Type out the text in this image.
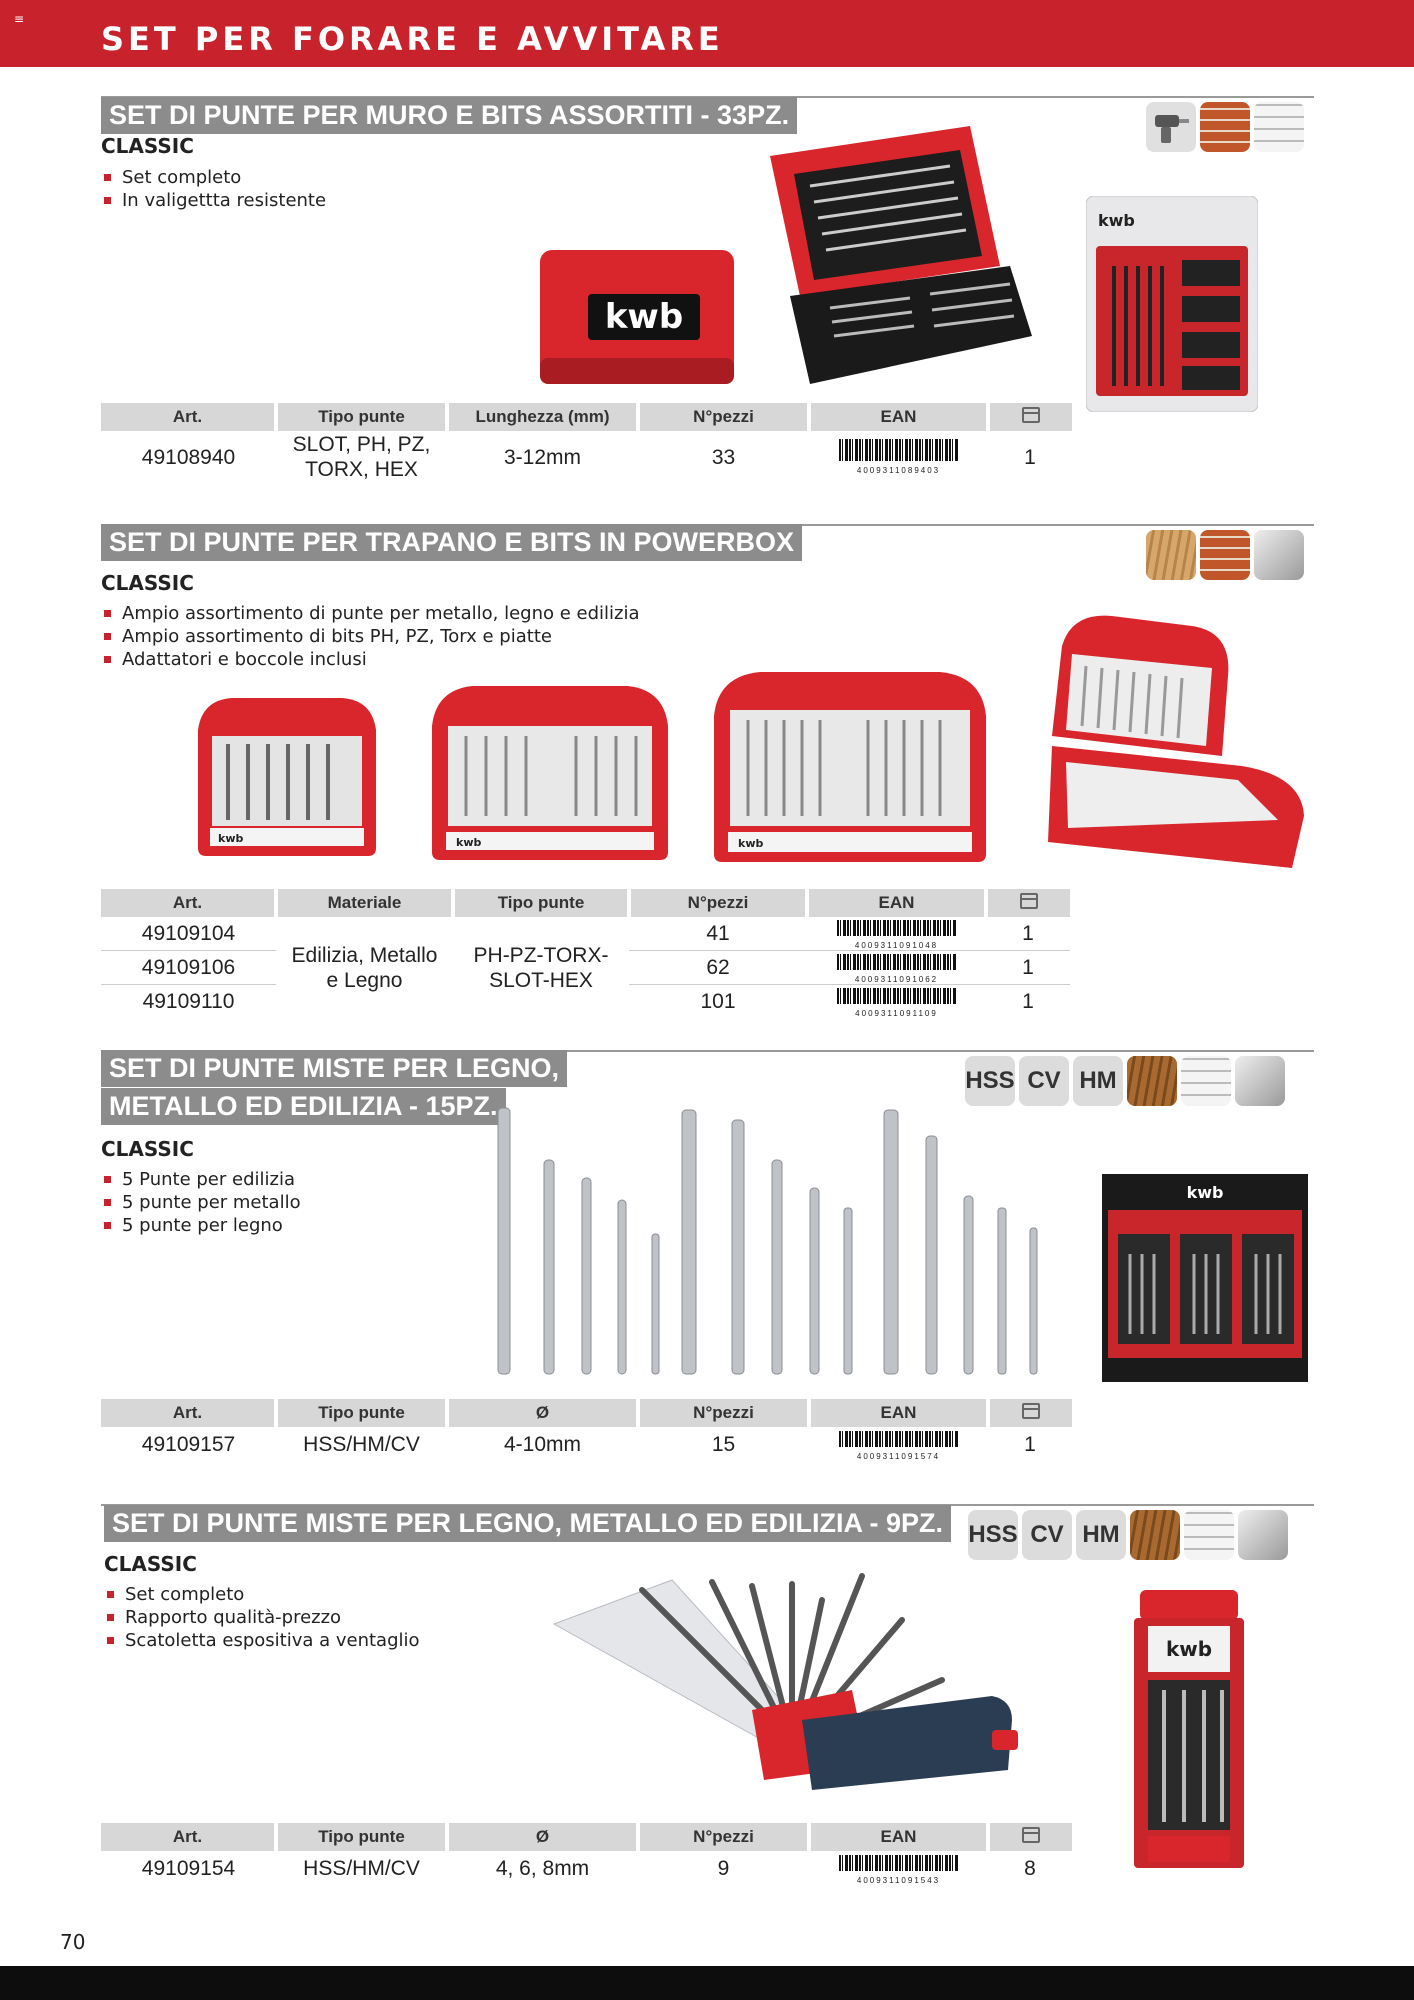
≡
SET PER FORARE E AVVITARE
SET DI PUNTE PER MURO E BITS ASSORTITI - 33PZ.
CLASSIC
Set completo
In valigettta resistente
kwb
kwb
Art.	Tipo punte	Lunghezza (mm)	N°pezzi	EAN	
49108940	SLOT, PH, PZ, TORX, HEX	3-12mm	33	4009311089403	1
SET DI PUNTE PER TRAPANO E BITS IN POWERBOX
CLASSIC
Ampio assortimento di punte per metallo, legno e edilizia
Ampio assortimento di bits PH, PZ, Torx e piatte
Adattatori e boccole inclusi
kwb	kwb	kwb
Art.	Materiale	Tipo punte	N°pezzi	EAN	
49109104	Edilizia, Metallo e Legno	PH-PZ-TORX-SLOT-HEX	41	4009311091048	1
49109106			62	4009311091062	1
49109110			101	4009311091109	1
SET DI PUNTE MISTE PER LEGNO,
METALLO ED EDILIZIA - 15PZ.
CLASSIC
5 Punte per edilizia
5 punte per metallo
5 punte per legno
HSS CV HM
kwb
Art.	Tipo punte	Ø	N°pezzi	EAN	
49109157	HSS/HM/CV	4-10mm	15	4009311091574	1
SET DI PUNTE MISTE PER LEGNO, METALLO ED EDILIZIA - 9PZ.
CLASSIC
Set completo
Rapporto qualità-prezzo
Scatoletta espositiva a ventaglio
HSS CV HM
kwb
Art.	Tipo punte	Ø	N°pezzi	EAN	
49109154	HSS/HM/CV	4, 6, 8mm	9	4009311091543	8
70
